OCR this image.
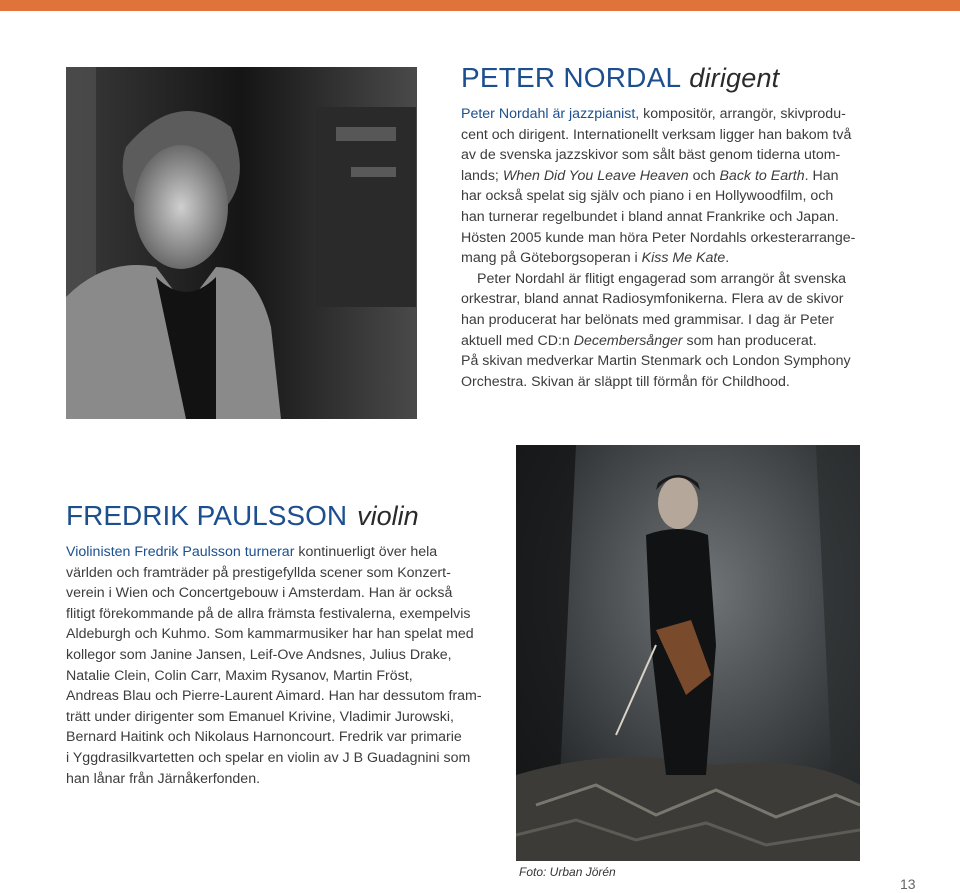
PETER NORDAL dirigent
Peter Nordahl är jazzpianist, kompositör, arrangör, skivprodu-
cent och dirigent. Internationellt verksam ligger han bakom två
av de svenska jazzskivor som sålt bäst genom tiderna utom-
lands; When Did You Leave Heaven och Back to Earth. Han
har också spelat sig själv och piano i en Hollywoodfilm, och
han turnerar regelbundet i bland annat Frankrike och Japan.
Hösten 2005 kunde man höra Peter Nordahls orkesterarrange-
mang på Göteborgsoperan i Kiss Me Kate.
Peter Nordahl är flitigt engagerad som arrangör åt svenska
orkestrar, bland annat Radiosymfonikerna. Flera av de skivor
han producerat har belönats med grammisar. I dag är Peter
aktuell med CD:n Decembersånger som han producerat.
På skivan medverkar Martin Stenmark och London Symphony
Orchestra. Skivan är släppt till förmån för Childhood.
FREDRIK PAULSSON violin
Violinisten Fredrik Paulsson turnerar kontinuerligt över hela
världen och framträder på prestigefyllda scener som Konzert-
verein i Wien och Concertgebouw i Amsterdam. Han är också
flitigt förekommande på de allra främsta festivalerna, exempelvis
Aldeburgh och Kuhmo. Som kammarmusiker har han spelat med
kollegor som Janine Jansen, Leif-Ove Andsnes, Julius Drake,
Natalie Clein, Colin Carr, Maxim Rysanov, Martin Fröst,
Andreas Blau och Pierre-Laurent Aimard. Han har dessutom fram-
trätt under dirigenter som Emanuel Krivine, Vladimir Jurowski,
Bernard Haitink och Nikolaus Harnoncourt. Fredrik var primarie
i Yggdrasilkvartetten och spelar en violin av J B Guadagnini som
han lånar från Järnåkerfonden.
Foto: Urban Jörén
13
